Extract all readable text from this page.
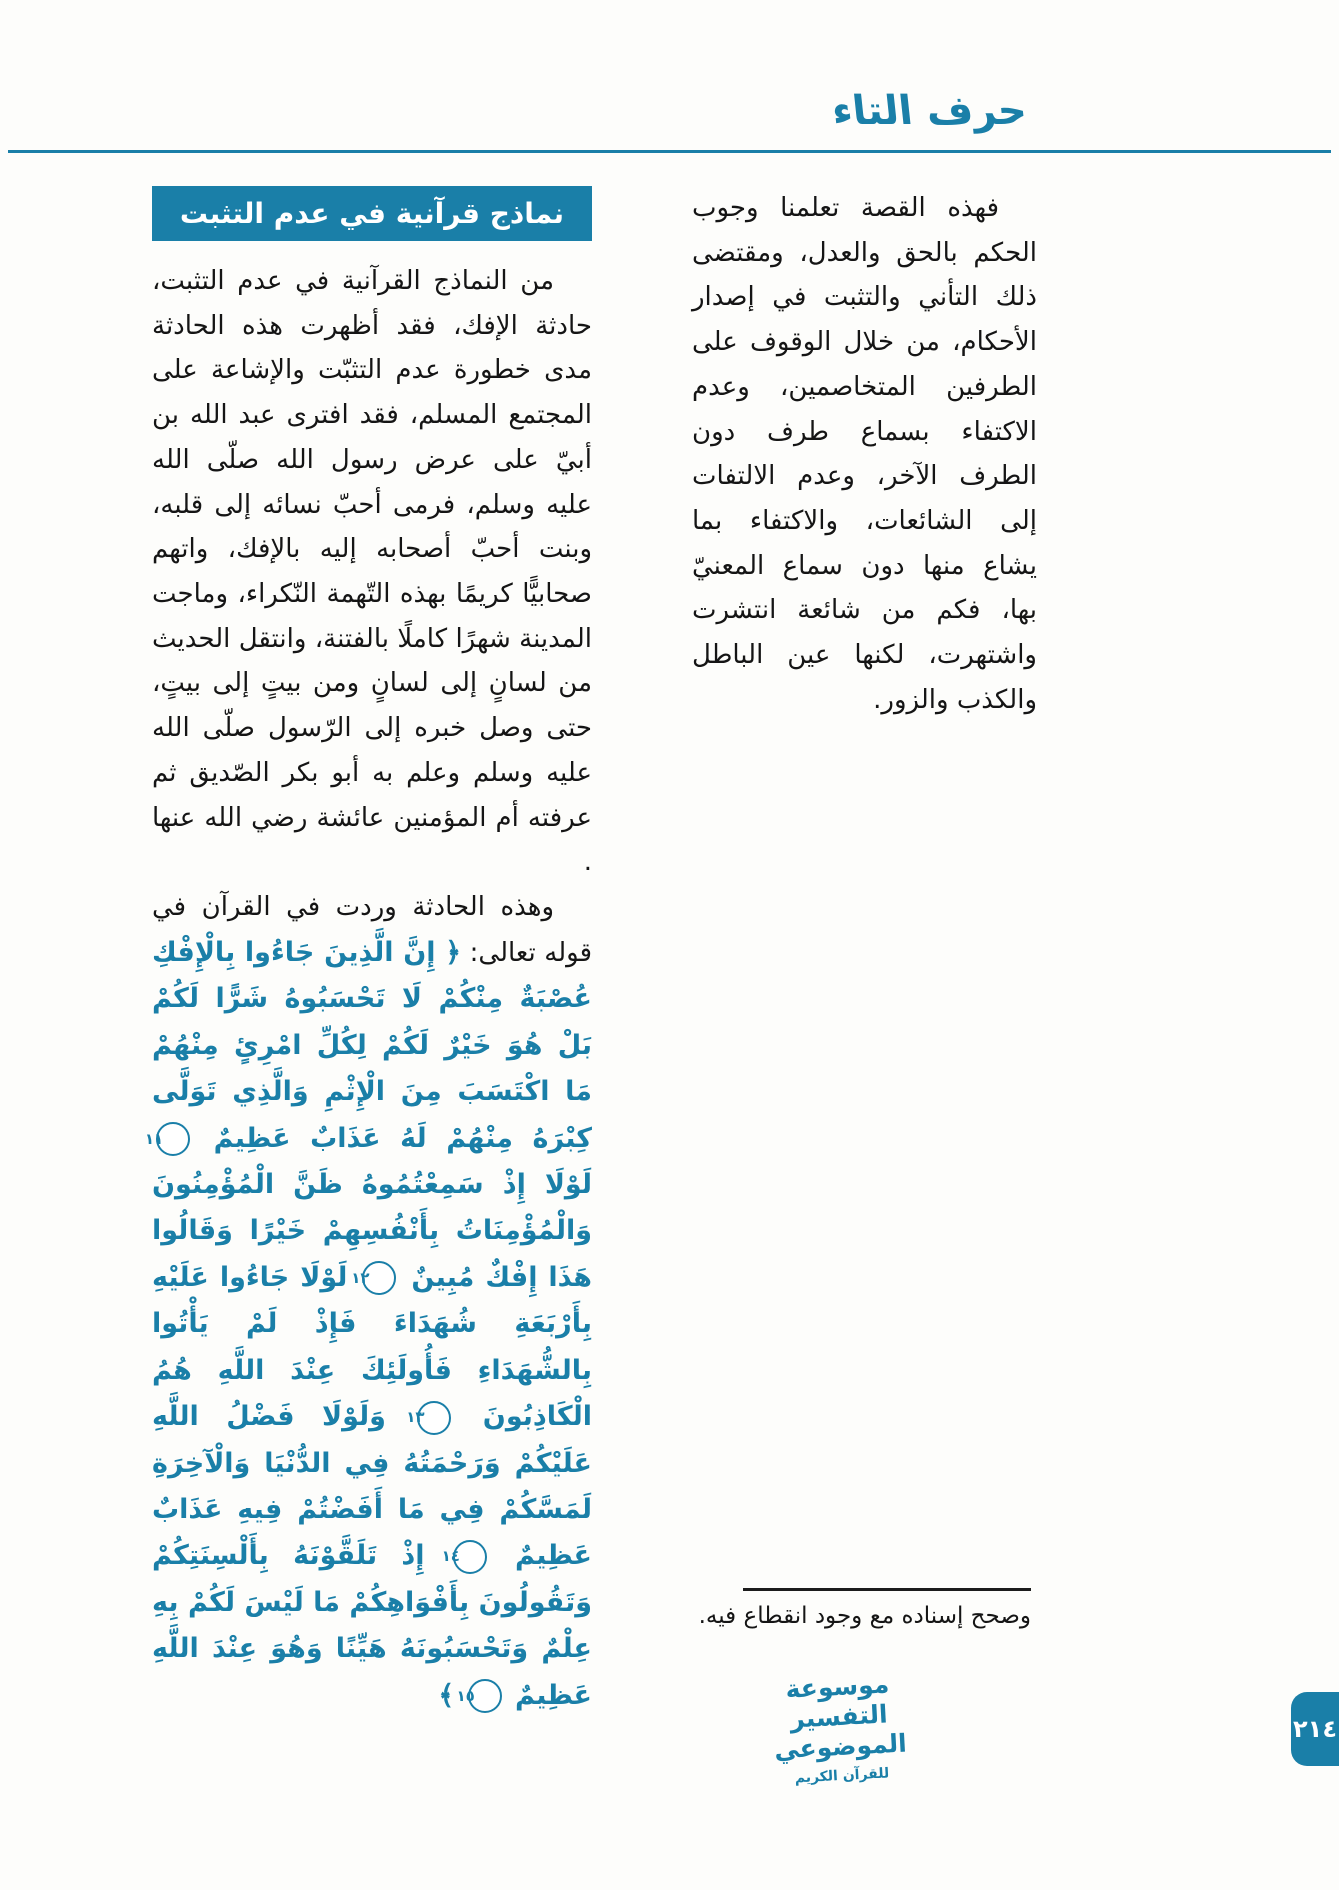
حرف التاء

فهذه القصة تعلمنا وجوب الحكم بالحق والعدل، ومقتضى ذلك التأني والتثبت في إصدار الأحكام، من خلال الوقوف على الطرفين المتخاصمين، وعدم الاكتفاء بسماع طرف دون الطرف الآخر، وعدم الالتفات إلى الشائعات، والاكتفاء بما يشاع منها دون سماع المعنيّ بها، فكم من شائعة انتشرت واشتهرت، لكنها عين الباطل والكذب والزور.

نماذج قرآنية في عدم التثبت

من النماذج القرآنية في عدم التثبت، حادثة الإفك، فقد أظهرت هذه الحادثة مدى خطورة عدم التثبّت والإشاعة على المجتمع المسلم، فقد افترى عبد الله بن أبيّ على عرض رسول الله صلّى الله عليه وسلم، فرمى أحبّ نسائه إلى قلبه، وبنت أحبّ أصحابه إليه بالإفك، واتهم صحابيًّا كريمًا بهذه التّهمة النّكراء، وماجت المدينة شهرًا كاملًا بالفتنة، وانتقل الحديث من لسانٍ إلى لسانٍ ومن بيتٍ إلى بيتٍ، حتى وصل خبره إلى الرّسول صلّى الله عليه وسلم وعلم به أبو بكر الصّديق ثم عرفته أم المؤمنين عائشة رضي الله عنها .

وهذه الحادثة وردت في القرآن في قوله تعالى: ﴿ إِنَّ الَّذِينَ جَاءُوا بِالْإِفْكِ عُصْبَةٌ مِنْكُمْ لَا تَحْسَبُوهُ شَرًّا لَكُمْ بَلْ هُوَ خَيْرٌ لَكُمْ لِكُلِّ امْرِئٍ مِنْهُمْ مَا اكْتَسَبَ مِنَ الْإِثْمِ وَالَّذِي تَوَلَّى كِبْرَهُ مِنْهُمْ لَهُ عَذَابٌ عَظِيمٌ ١١ لَوْلَا إِذْ سَمِعْتُمُوهُ ظَنَّ الْمُؤْمِنُونَ وَالْمُؤْمِنَاتُ بِأَنْفُسِهِمْ خَيْرًا وَقَالُوا هَذَا إِفْكٌ مُبِينٌ ١٢ لَوْلَا جَاءُوا عَلَيْهِ بِأَرْبَعَةِ شُهَدَاءَ فَإِذْ لَمْ يَأْتُوا بِالشُّهَدَاءِ فَأُولَئِكَ عِنْدَ اللَّهِ هُمُ الْكَاذِبُونَ ١٣ وَلَوْلَا فَضْلُ اللَّهِ عَلَيْكُمْ وَرَحْمَتُهُ فِي الدُّنْيَا وَالْآخِرَةِ لَمَسَّكُمْ فِي مَا أَفَضْتُمْ فِيهِ عَذَابٌ عَظِيمٌ ١٤ إِذْ تَلَقَّوْنَهُ بِأَلْسِنَتِكُمْ وَتَقُولُونَ بِأَفْوَاهِكُمْ مَا لَيْسَ لَكُمْ بِهِ عِلْمٌ وَتَحْسَبُونَهُ هَيِّنًا وَهُوَ عِنْدَ اللَّهِ عَظِيمٌ ١٥ ﴾

وصحح إسناده مع وجود انقطاع فيه.
موسوعة التفسير الموضوعي
للقرآن الكريم
٢١٤
